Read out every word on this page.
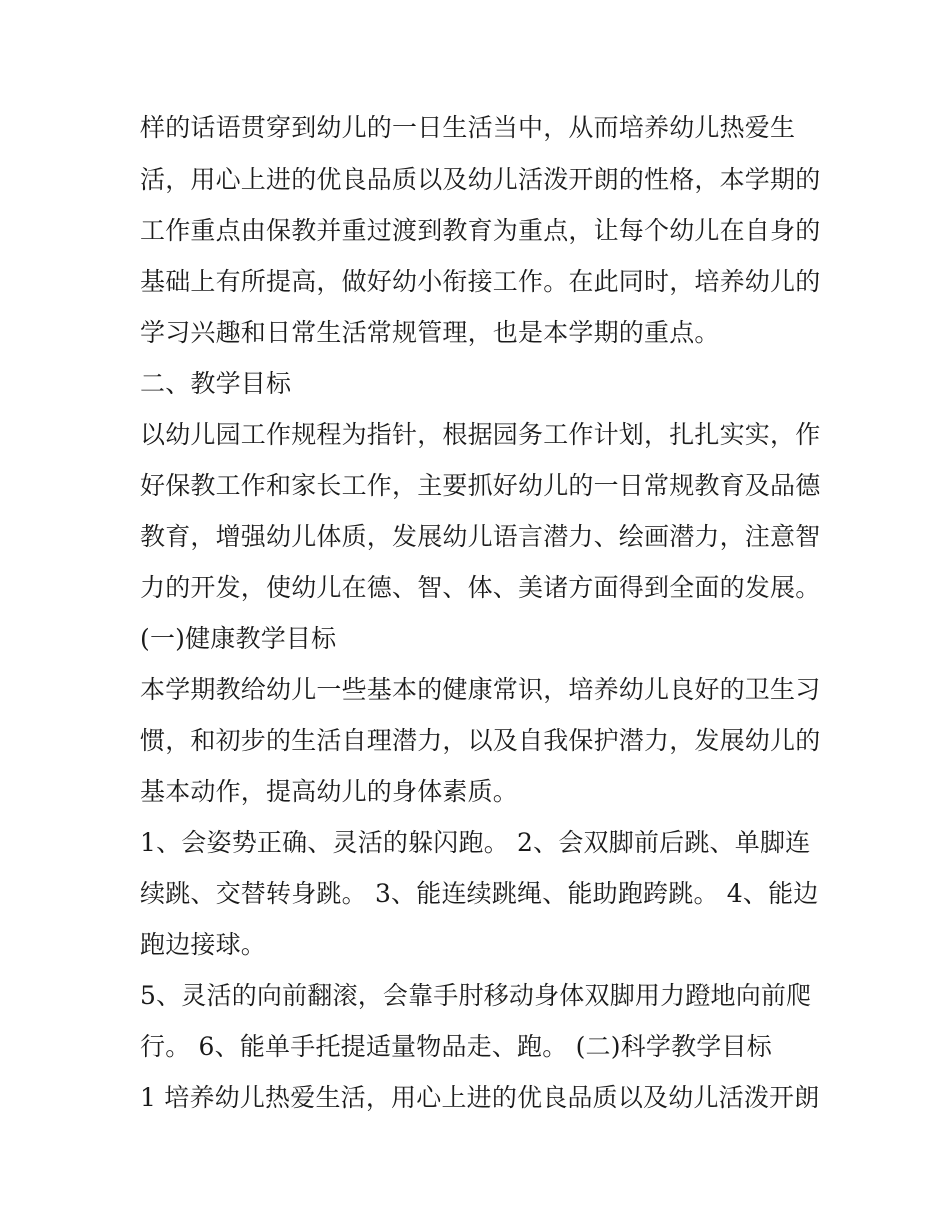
样的话语贯穿到幼儿的一日生活当中，从而培养幼儿热爱生
活，用心上进的优良品质以及幼儿活泼开朗的性格，本学期的
工作重点由保教并重过渡到教育为重点，让每个幼儿在自身的
基础上有所提高，做好幼小衔接工作。在此同时，培养幼儿的
学习兴趣和日常生活常规管理，也是本学期的重点。
二、教学目标
以幼儿园工作规程为指针，根据园务工作计划，扎扎实实，作
好保教工作和家长工作，主要抓好幼儿的一日常规教育及品德
教育，增强幼儿体质，发展幼儿语言潜力、绘画潜力，注意智
力的开发，使幼儿在德、智、体、美诸方面得到全面的发展。
(一)健康教学目标
本学期教给幼儿一些基本的健康常识，培养幼儿良好的卫生习
惯，和初步的生活自理潜力，以及自我保护潜力，发展幼儿的
基本动作，提高幼儿的身体素质。
1、会姿势正确、灵活的躲闪跑。 2、会双脚前后跳、单脚连
续跳、交替转身跳。 3、能连续跳绳、能助跑跨跳。 4、能边
跑边接球。
5、灵活的向前翻滚，会靠手肘移动身体双脚用力蹬地向前爬
行。 6、能单手托提适量物品走、跑。 (二)科学教学目标
1 培养幼儿热爱生活，用心上进的优良品质以及幼儿活泼开朗
